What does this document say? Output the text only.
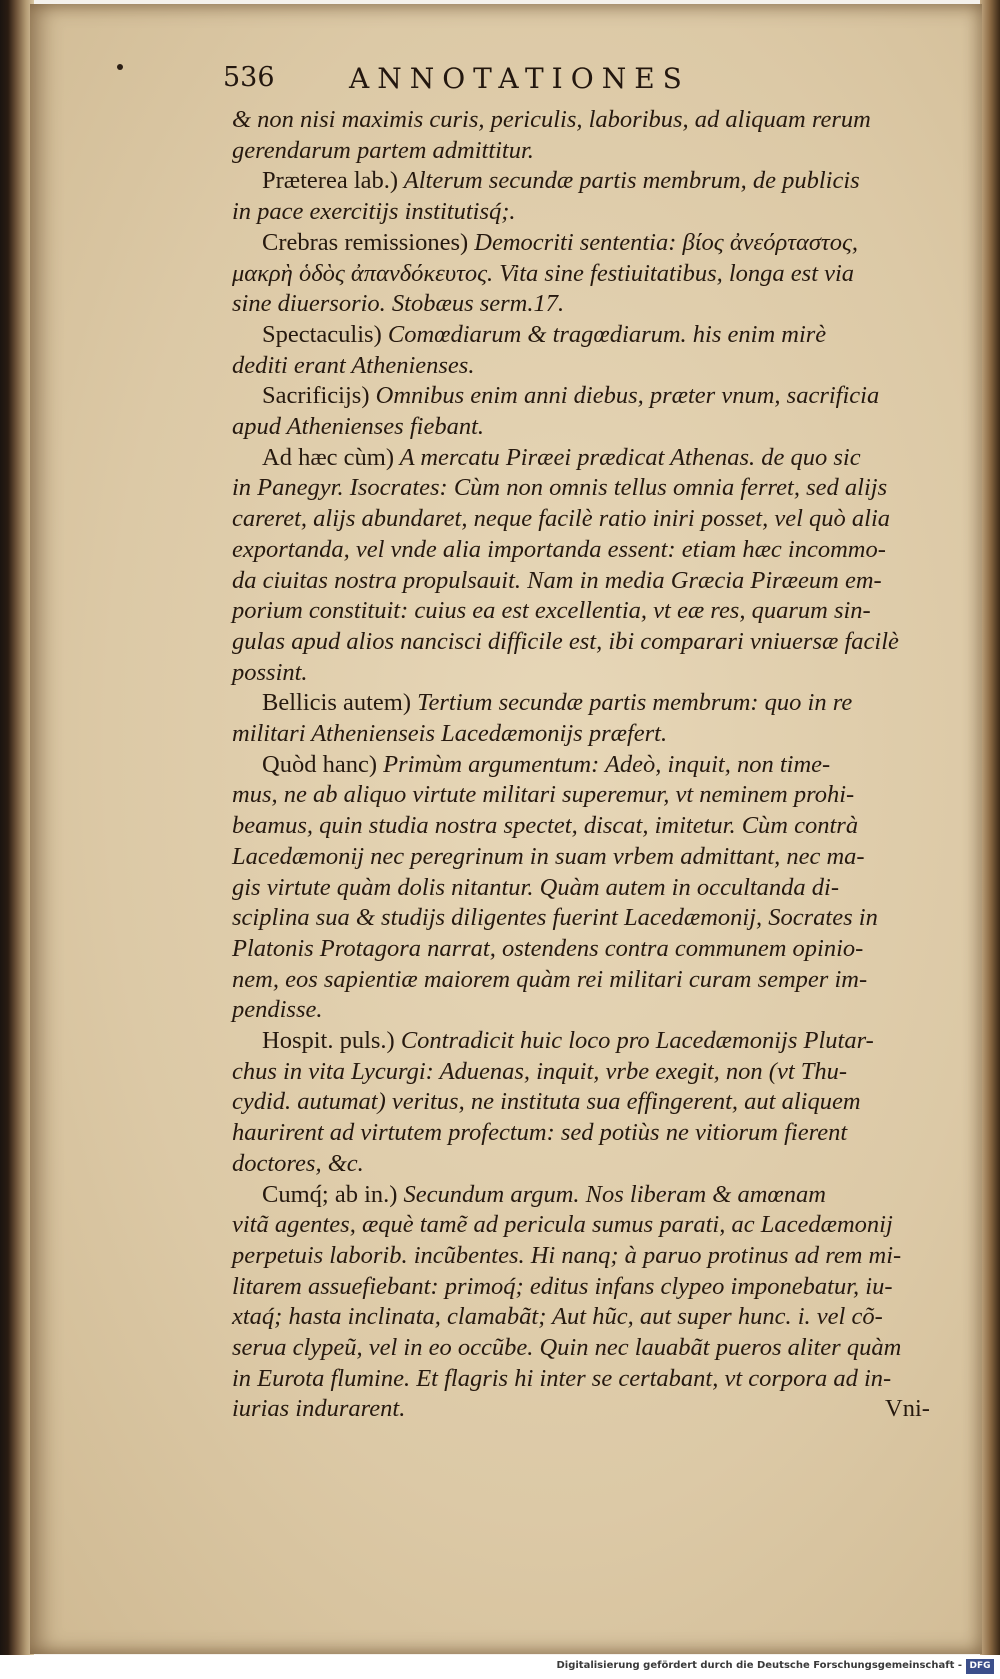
536	ANNOTATIONES
& non nisi maximis curis, periculis, laboribus, ad aliquam rerum
gerendarum partem admittitur.
Præterea lab.) Alterum secundæ partis membrum, de publicis
in pace exercitijs institutisq́;.
Crebras remissiones) Democriti sententia: βίος ἀνεόρταστος,
μακρὴ ὁδὸς ἀπανδόκευτος. Vita sine festiuitatibus, longa est via
sine diuersorio. Stobæus serm.17.
Spectaculis) Comœdiarum & tragœdiarum. his enim mirè
dediti erant Athenienses.
Sacrificijs) Omnibus enim anni diebus, præter vnum, sacrificia
apud Athenienses fiebant.
Ad hæc cùm) A mercatu Piræei prædicat Athenas. de quo sic
in Panegyr. Isocrates: Cùm non omnis tellus omnia ferret, sed alijs
careret, alijs abundaret, neque facilè ratio iniri posset, vel quò alia
exportanda, vel vnde alia importanda essent: etiam hæc incommo-
da ciuitas nostra propulsauit. Nam in media Græcia Piræeum em-
porium constituit: cuius ea est excellentia, vt eæ res, quarum sin-
gulas apud alios nancisci difficile est, ibi comparari vniuersæ facilè
possint.
Bellicis autem) Tertium secundæ partis membrum: quo in re
militari Athenienseis Lacedæmonijs præfert.
Quòd hanc) Primùm argumentum: Adeò, inquit, non time-
mus, ne ab aliquo virtute militari superemur, vt neminem prohi-
beamus, quin studia nostra spectet, discat, imitetur. Cùm contrà
Lacedæmonij nec peregrinum in suam vrbem admittant, nec ma-
gis virtute quàm dolis nitantur. Quàm autem in occultanda di-
sciplina sua & studijs diligentes fuerint Lacedæmonij, Socrates in
Platonis Protagora narrat, ostendens contra communem opinio-
nem, eos sapientiæ maiorem quàm rei militari curam semper im-
pendisse.
Hospit. puls.) Contradicit huic loco pro Lacedæmonijs Plutar-
chus in vita Lycurgi: Aduenas, inquit, vrbe exegit, non (vt Thu-
cydid. autumat) veritus, ne instituta sua effingerent, aut aliquem
haurirent ad virtutem profectum: sed potiùs ne vitiorum fierent
doctores, &c.
Cumq́; ab in.) Secundum argum. Nos liberam & amœnam
vitã agentes, æquè tamẽ ad pericula sumus parati, ac Lacedæmonij
perpetuis laborib. incũbentes. Hi nanq; à paruo protinus ad rem mi-
litarem assuefiebant: primoq́; editus infans clypeo imponebatur, iu-
xtaq́; hasta inclinata, clamabãt; Aut hũc, aut super hunc. i. vel cõ-
serua clypeũ, vel in eo occũbe. Quin nec lauabãt pueros aliter quàm
in Eurota flumine. Et flagris hi inter se certabant, vt corpora ad in-
iurias indurarent.	Vni-
Digitalisierung gefördert durch die Deutsche Forschungsgemeinschaft - DFG
